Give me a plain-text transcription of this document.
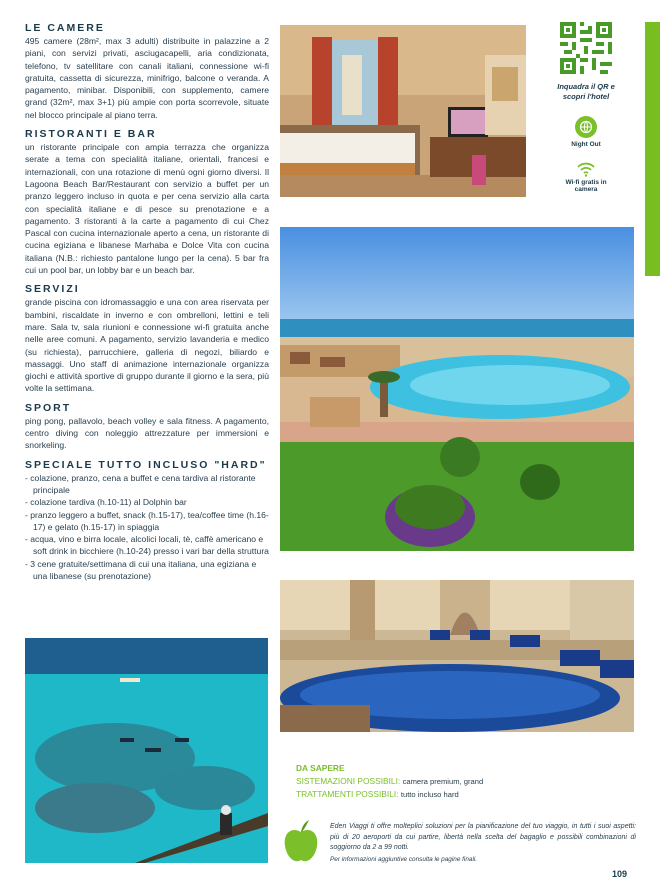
LE CAMERE
495 camere (28m², max 3 adulti) distribuite in palazzine a 2 piani, con servizi privati, asciugacapelli, aria condizionata, telefono, tv satellitare con canali italiani, connessione wi-fi gratuita, cassetta di sicurezza, minifrigo, balcone o veranda. A pagamento, minibar. Disponibili, con supplemento, camere grand (32m², max 3+1) più ampie con porta scorrevole, situate nel blocco principale al piano terra.
RISTORANTI E BAR
un ristorante principale con ampia terrazza che organizza serate a tema con specialità italiane, orientali, francesi e internazionali, con una rotazione di menù ogni giorno diversi. Il Lagoona Beach Bar/Restaurant con servizio a buffet per un pranzo leggero incluso in quota e per cena servizio alla carta con specialità italiane e di pesce su prenotazione e a pagamento. 3 ristoranti à la carte a pagamento di cui Chez Pascal con cucina internazionale aperto a cena, un ristorante di cucina egiziana e libanese Marhaba e Dolce Vita con cucina italiana (N.B.: richiesto pantalone lungo per la cena). 5 bar fra cui un pool bar, un lobby bar e un beach bar.
SERVIZI
grande piscina con idromassaggio e una con area riservata per bambini, riscaldate in inverno e con ombrelloni, lettini e teli mare. Sala tv, sala riunioni e connessione wi-fi gratuita anche nelle aree comuni. A pagamento, servizio lavanderia e medico (su richiesta), parrucchiere, galleria di negozi, biliardo e massaggi. Uno staff di animazione internazionale organizza giochi e attività sportive di gruppo durante il giorno e la sera, più volte la settimana.
SPORT
ping pong, pallavolo, beach volley e sala fitness. A pagamento, centro diving con noleggio attrezzature per immersioni e snorkeling.
SPECIALE TUTTO INCLUSO "HARD"
- colazione, pranzo, cena a buffet e cena tardiva al ristorante principale
- colazione tardiva (h.10-11) al Dolphin bar
- pranzo leggero a buffet, snack (h.15-17), tea/coffee time (h.16-17) e gelato (h.15-17) in spiaggia
- acqua, vino e birra locale, alcolici locali, tè, caffè americano e soft drink in bicchiere (h.10-24) presso i vari bar della struttura
- 3 cene gratuite/settimana di cui una italiana, una egiziana e una libanese (su prenotazione)
Inquadra il QR e scopri l'hotel
Night Out
Wi-fi gratis in camera
DA SAPERE
SISTEMAZIONI POSSIBILI: camera premium, grand
TRATTAMENTI POSSIBILI: tutto incluso hard
Eden Viaggi ti offre molteplici soluzioni per la pianificazione del tuo viaggio, in tutti i suoi aspetti: più di 20 aeroporti da cui partire, libertà nella scelta del bagaglio e possibili combinazioni di soggiorno da 2 a 99 notti.
Per informazioni aggiuntive consulta le pagine finali.
109
